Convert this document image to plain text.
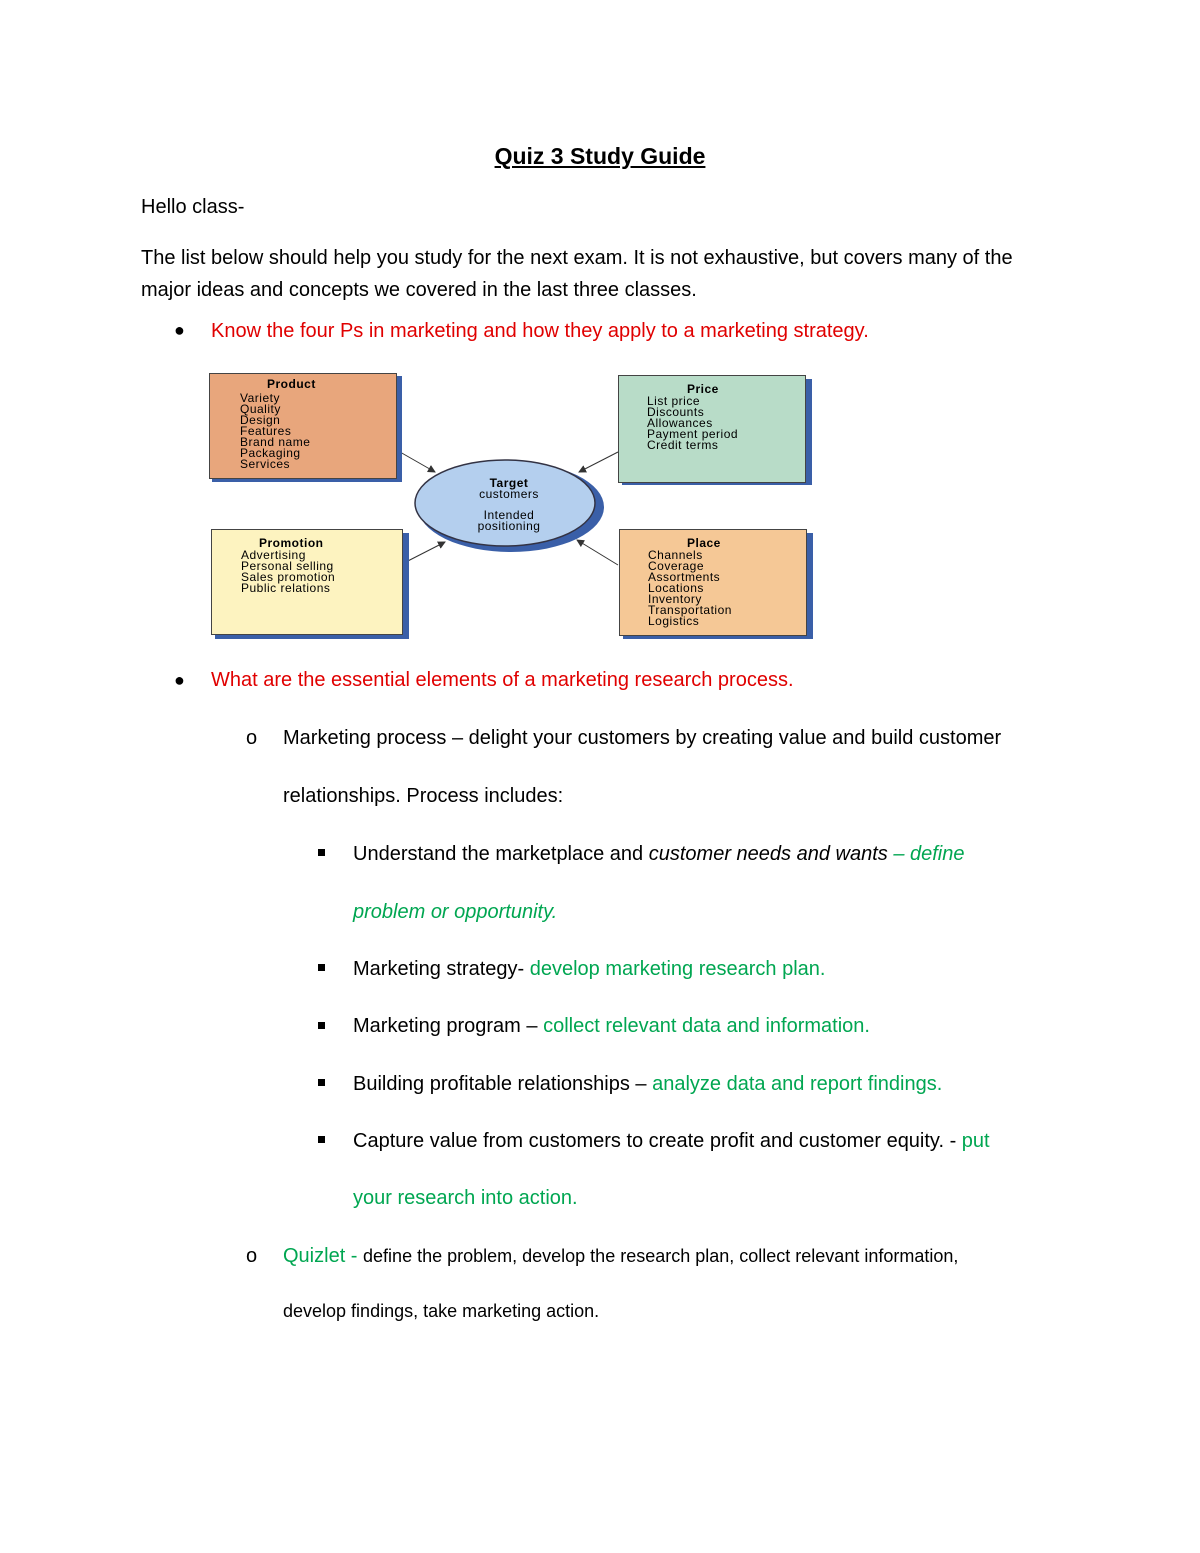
Quiz 3 Study Guide
Hello class-
The list below should help you study for the next exam. It is not exhaustive, but covers many of the major ideas and concepts we covered in the last three classes.
● Know the four Ps in marketing and how they apply to a marketing strategy.
Product
Variety
Quality
Design
Features
Brand name
Packaging
Services
Price
List price
Discounts
Allowances
Payment period
Credit terms
Promotion
Advertising
Personal selling
Sales promotion
Public relations
Place
Channels
Coverage
Assortments
Locations
Inventory
Transportation
Logistics
Target
customers
Intended
positioning
● What are the essential elements of a marketing research process.
o Marketing process – delight your customers by creating value and build customer
relationships. Process includes:
Understand the marketplace and customer needs and wants – define
problem or opportunity.
Marketing strategy- develop marketing research plan.
Marketing program – collect relevant data and information.
Building profitable relationships – analyze data and report findings.
Capture value from customers to create profit and customer equity. - put
your research into action.
o Quizlet - define the problem, develop the research plan, collect relevant information,
develop findings, take marketing action.
